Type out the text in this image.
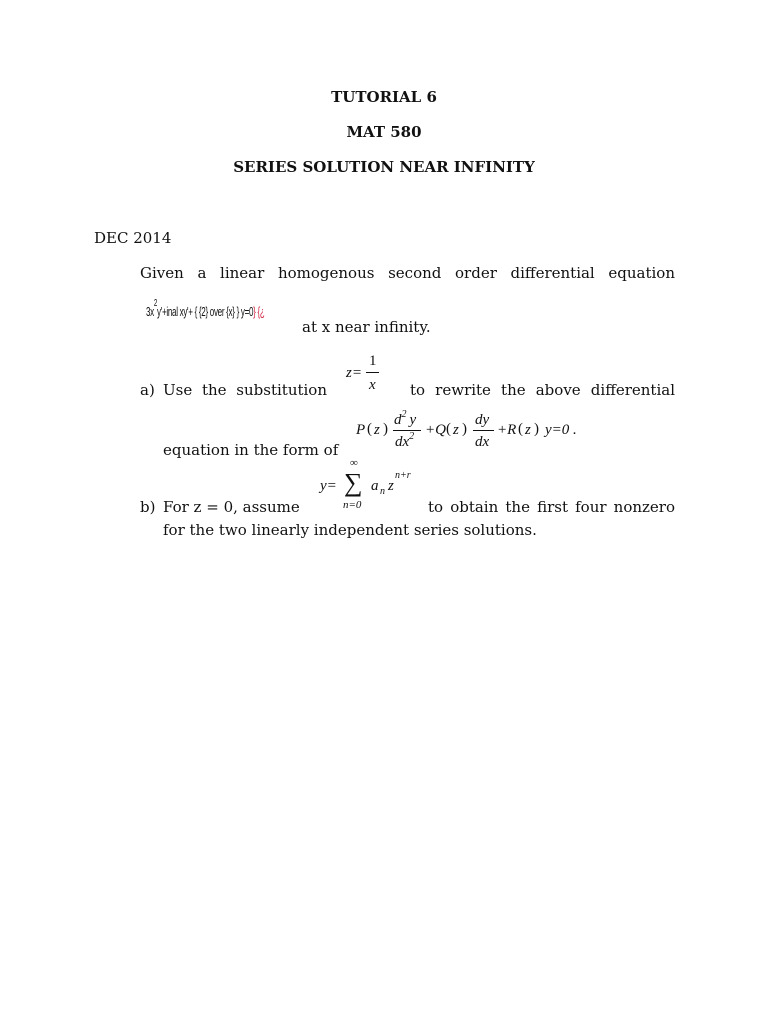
TUTORIAL 6
MAT 580
SERIES SOLUTION NEAR INFINITY
DEC 2014
Given a linear homogenous second order differential equation
$3x^2y'+inal$ xy'+ { {2} over {x} } y=0} {¿
at x near infinity.
a) Use the substitution
z=
1
x to rewrite the above differential
P ( z )
$d^2$ y
$dx^2 +Q$ ( z )
dy
dx
+R ( z ) y=0 .
equation in the form of
y=
∞
∑
n=0
a n z
n+r
b) For z = 0, assume	to obtain the first four nonzero
for the two linearly independent series solutions.
